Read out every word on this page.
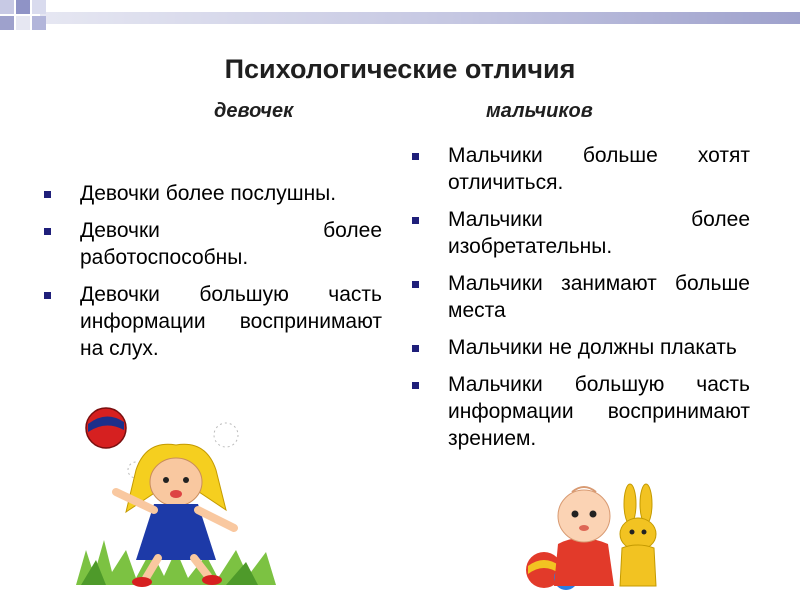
Психологические отличия
девочек	мальчиков
Девочки более послушны.
Девочки более работоспособны.
Девочки большую часть информации воспринимают на слух.
Мальчики больше хотят отличиться.
Мальчики более изобретательны.
Мальчики занимают больше места
Мальчики не должны плакать
Мальчики большую часть информации воспринимают зрением.
